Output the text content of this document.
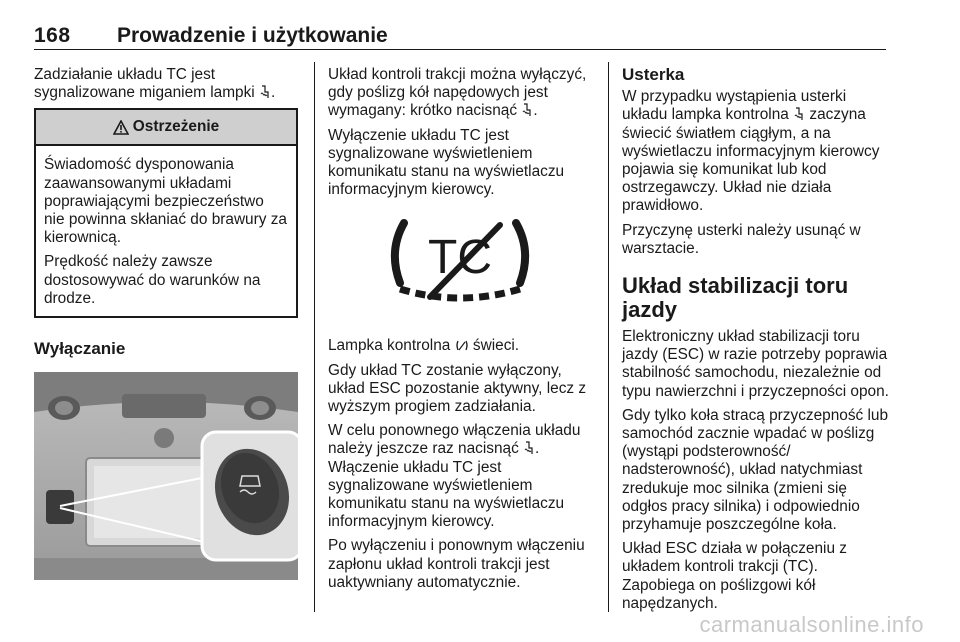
168 Prowadzenie i użytkowanie

Zadziałanie układu TC jest
sygnalizowane miganiem lampki .

Ostrzeżenie

Świadomość dysponowania zaawansowanymi układami poprawiającymi bezpieczeństwo nie powinna skłaniać do brawury za kierownicą.

Prędkość należy zawsze dostosowywać do warunków na drodze.

Wyłączanie

Układ kontroli trakcji można wyłączyć, gdy poślizg kół napędowych jest wymagany: krótko nacisnąć .

Wyłączenie układu TC jest sygnalizowane wyświetleniem komunikatu stanu na wyświetlaczu informacyjnym kierowcy.

TC

Lampka kontrolna świeci.

Gdy układ TC zostanie wyłączony, układ ESC pozostanie aktywny, lecz z wyższym progiem zadziałania.

W celu ponownego włączenia układu należy jeszcze raz nacisnąć .
Włączenie układu TC jest sygnalizowane wyświetleniem komunikatu stanu na wyświetlaczu informacyjnym kierowcy.

Po wyłączeniu i ponownym włączeniu zapłonu układ kontroli trakcji jest uaktywniany automatycznie.

Usterka

W przypadku wystąpienia usterki układu lampka kontrolna zaczyna świecić światłem ciągłym, a na wyświetlaczu informacyjnym kierowcy pojawia się komunikat lub kod ostrzegawczy. Układ nie działa prawidłowo.

Przyczynę usterki należy usunąć w warsztacie.

Układ stabilizacji toru jazdy

Elektroniczny układ stabilizacji toru jazdy (ESC) w razie potrzeby poprawia stabilność samochodu, niezależnie od typu nawierzchni i przyczepności opon.

Gdy tylko koła stracą przyczepność lub samochód zacznie wpadać w poślizg (wystąpi podsterowność/ nadsterowność), układ natychmiast zredukuje moc silnika (zmieni się odgłos pracy silnika) i odpowiednio przyhamuje poszczególne koła.

Układ ESC działa w połączeniu z układem kontroli trakcji (TC). Zapobiega on poślizgowi kół napędzanych.

carmanualsonline.info
